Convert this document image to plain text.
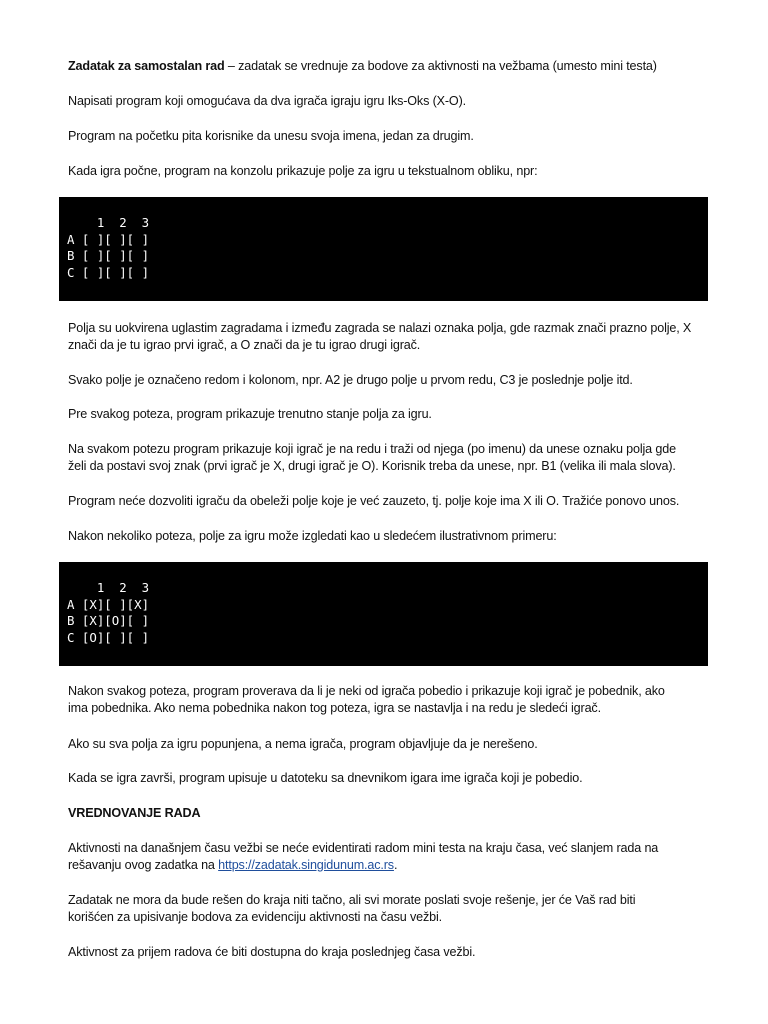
Zadatak za samostalan rad – zadatak se vrednuje za bodove za aktivnosti na vežbama (umesto mini testa)
Napisati program koji omogućava da dva igrača igraju igru Iks-Oks (X-O).
Program na početku pita korisnike da unesu svoja imena, jedan za drugim.
Kada igra počne, program na konzolu prikazuje polje za igru u tekstualnom obliku, npr:
1  2  3
A [ ][ ][ ]
B [ ][ ][ ]
C [ ][ ][ ]
Polja su uokvirena uglastim zagradama i između zagrada se nalazi oznaka polja, gde razmak znači prazno polje, X
znači da je tu igrao prvi igrač, a O znači da je tu igrao drugi igrač.
Svako polje je označeno redom i kolonom, npr. A2 je drugo polje u prvom redu, C3 je poslednje polje itd.
Pre svakog poteza, program prikazuje trenutno stanje polja za igru.
Na svakom potezu program prikazuje koji igrač je na redu i traži od njega (po imenu) da unese oznaku polja gde
želi da postavi svoj znak (prvi igrač je X, drugi igrač je O). Korisnik treba da unese, npr. B1 (velika ili mala slova).
Program neće dozvoliti igraču da obeleži polje koje je već zauzeto, tj. polje koje ima X ili O. Tražiće ponovo unos.
Nakon nekoliko poteza, polje za igru može izgledati kao u sledećem ilustrativnom primeru:
1  2  3
A [X][ ][X]
B [X][O][ ]
C [O][ ][ ]
Nakon svakog poteza, program proverava da li je neki od igrača pobedio i prikazuje koji igrač je pobednik, ako
ima pobednika. Ako nema pobednika nakon tog poteza, igra se nastavlja i na redu je sledeći igrač.
Ako su sva polja za igru popunjena, a nema igrača, program objavljuje da je nerešeno.
Kada se igra završi, program upisuje u datoteku sa dnevnikom igara ime igrača koji je pobedio.
VREDNOVANJE RADA
Aktivnosti na današnjem času vežbi se neće evidentirati radom mini testa na kraju časa, već slanjem rada na
rešavanju ovog zadatka na https://zadatak.singidunum.ac.rs.
Zadatak ne mora da bude rešen do kraja niti tačno, ali svi morate poslati svoje rešenje, jer će Vaš rad biti
korišćen za upisivanje bodova za evidenciju aktivnosti na času vežbi.
Aktivnost za prijem radova će biti dostupna do kraja poslednjeg časa vežbi.
